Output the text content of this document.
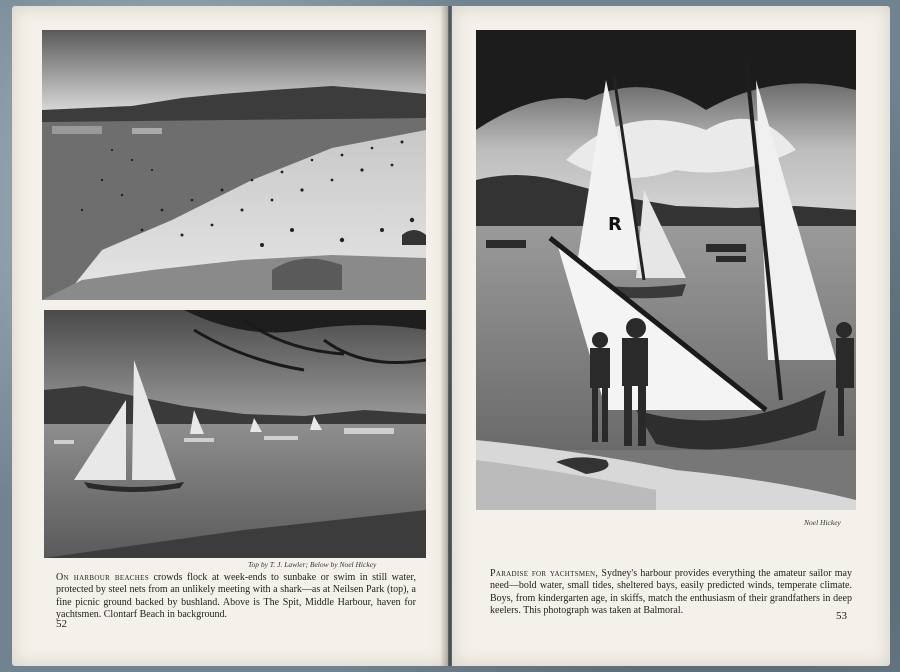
Top by T. J. Lawler; Below by Noel Hickey
On harbour beaches crowds flock at week-ends to sunbake or swim in still water, protected by steel nets from an unlikely meeting with a shark—as at Neilsen Park (top), a fine picnic ground backed by bushland. Above is The Spit, Middle Harbour, haven for yachtsmen. Clontarf Beach in background.
52
R
Noel Hickey
Paradise for yachtsmen, Sydney's harbour provides everything the amateur sailor may need—bold water, small tides, sheltered bays, easily predicted winds, temperate climate. Boys, from kindergarten age, in skiffs, match the enthusiasm of their grandfathers in deep keelers. This photograph was taken at Balmoral.	53
